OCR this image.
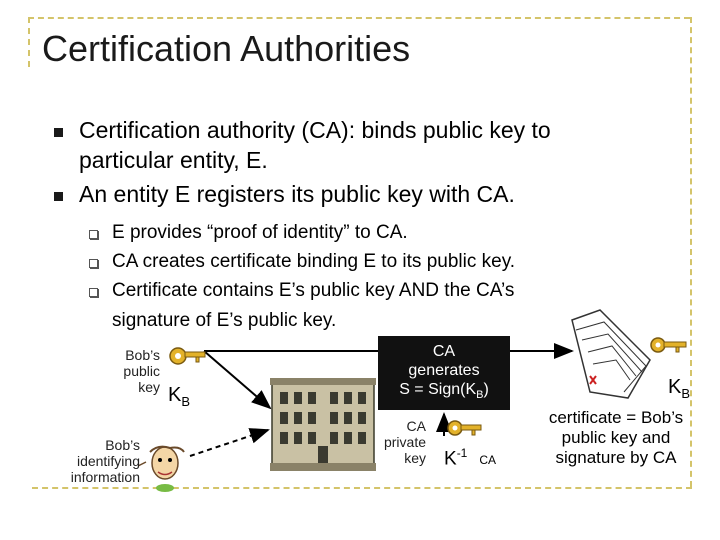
Certification Authorities
Certification authority (CA): binds public key to
particular entity, E.
An entity E registers its public key with CA.
E provides “proof of identity” to CA.
CA creates certificate binding E to its public key.
Certificate contains E’s public key AND the CA’s
signature of E’s public key.
Bob’s
public
key $K_B$
Bob’s
identifying
information
CA
generates
$S = Sign(K_B)$
CA
private
key $K^{-1}CA$
$K_B$
certificate = Bob’s
public key and
signature by CA
